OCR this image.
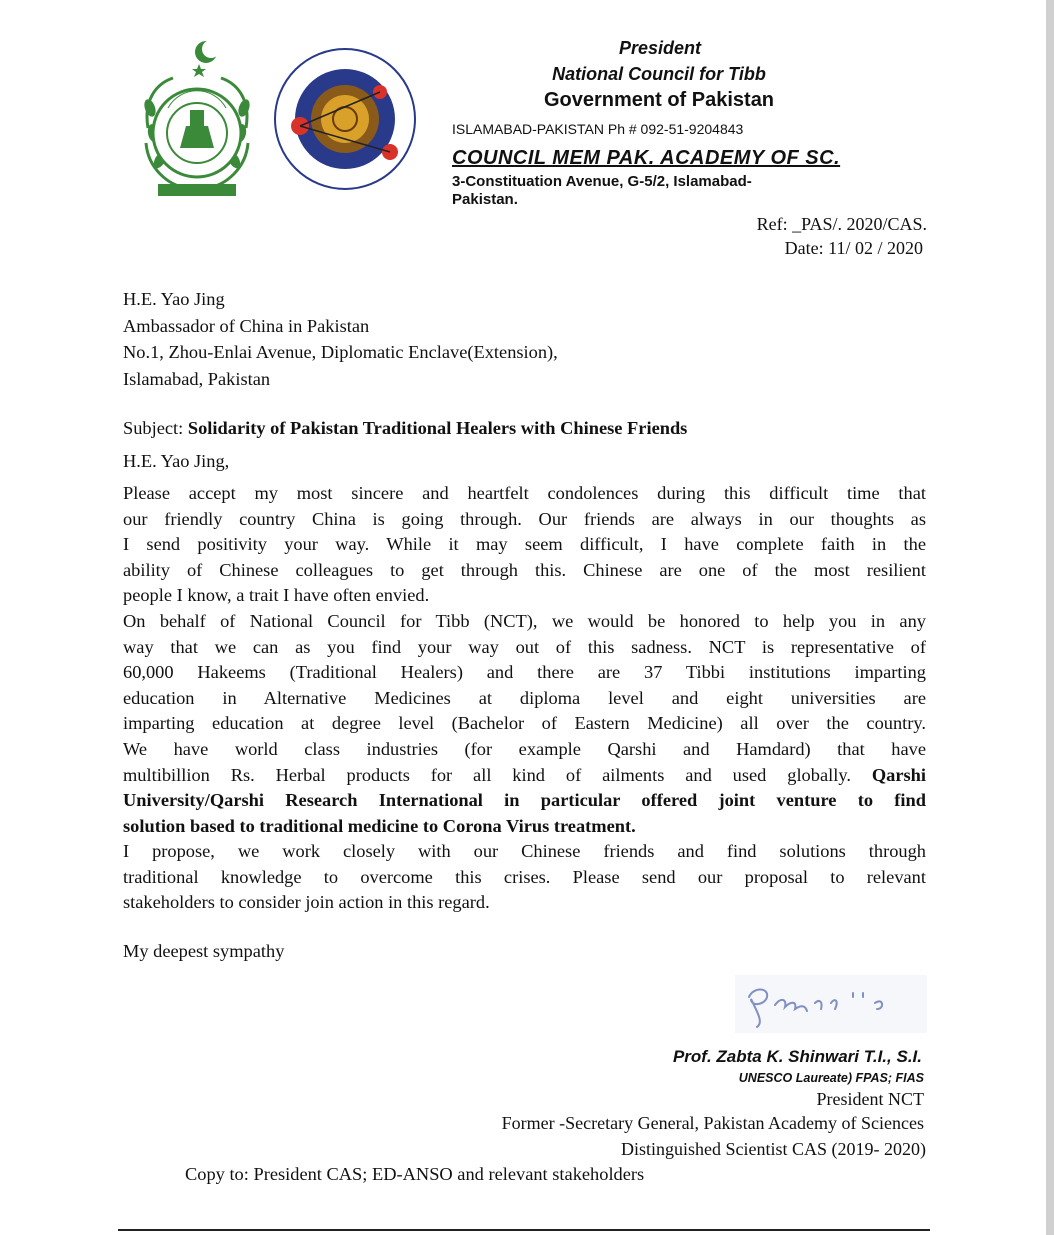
President

National Council for Tibb

Government of Pakistan

ISLAMABAD-PAKISTAN Ph # 092-51-9204843

COUNCIL MEM PAK. ACADEMY OF SC.

3-Constituation Avenue, G-5/2, Islamabad-

Pakistan.

Ref: _PAS/. 2020/CAS.

Date: 11/ 02 / 2020

H.E. Yao Jing
Ambassador of China in Pakistan
No.1, Zhou-Enlai Avenue, Diplomatic Enclave(Extension),
Islamabad, Pakistan

Subject: Solidarity of Pakistan Traditional Healers with Chinese Friends

H.E. Yao Jing,

Please accept my most sincere and heartfelt condolences during this difficult time that
our friendly country China is going through. Our friends are always in our thoughts as
I send positivity your way. While it may seem difficult, I have complete faith in the
ability of Chinese colleagues to get through this. Chinese are one of the most resilient
people I know, a trait I have often envied.
On behalf of National Council for Tibb (NCT), we would be honored to help you in any
way that we can as you find your way out of this sadness. NCT is representative of
60,000 Hakeems (Traditional Healers) and there are 37 Tibbi institutions imparting
education in Alternative Medicines at diploma level and eight universities are
imparting education at degree level (Bachelor of Eastern Medicine) all over the country.
We have world class industries (for example Qarshi and Hamdard) that have
multibillion Rs. Herbal products for all kind of ailments and used globally. Qarshi
University/Qarshi Research International in particular offered joint venture to find
solution based to traditional medicine to Corona Virus treatment.
I propose, we work closely with our Chinese friends and find solutions through
traditional knowledge to overcome this crises. Please send our proposal to relevant
stakeholders to consider join action in this regard.

My deepest sympathy

Prof. Zabta K. Shinwari T.I., S.I.

UNESCO Laureate) FPAS; FIAS

President NCT

Former -Secretary General, Pakistan Academy of Sciences

Distinguished Scientist CAS (2019- 2020)

Copy to: President CAS; ED-ANSO and relevant stakeholders
